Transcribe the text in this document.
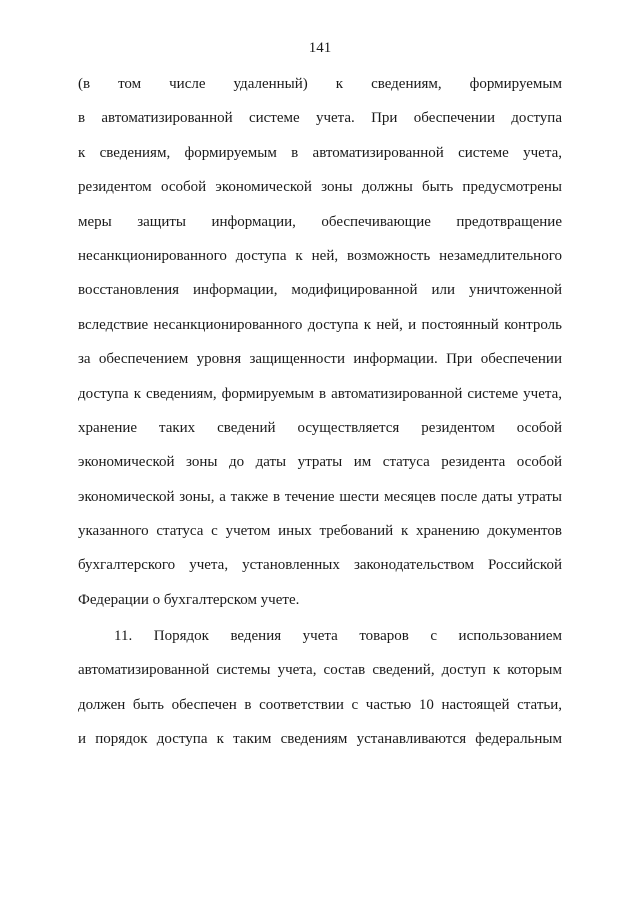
141
(в том числе удаленный) к сведениям, формируемым
в автоматизированной системе учета. При обеспечении доступа
к сведениям, формируемым в автоматизированной системе учета,
резидентом особой экономической зоны должны быть предусмотрены
меры защиты информации, обеспечивающие предотвращение
несанкционированного доступа к ней, возможность незамедлительного
восстановления информации, модифицированной или уничтоженной
вследствие несанкционированного доступа к ней, и постоянный контроль
за обеспечением уровня защищенности информации. При обеспечении
доступа к сведениям, формируемым в автоматизированной системе учета,
хранение таких сведений осуществляется резидентом особой
экономической зоны до даты утраты им статуса резидента особой
экономической зоны, а также в течение шести месяцев после даты утраты
указанного статуса с учетом иных требований к хранению документов
бухгалтерского учета, установленных законодательством Российской
Федерации о бухгалтерском учете.
11. Порядок ведения учета товаров с использованием
автоматизированной системы учета, состав сведений, доступ к которым
должен быть обеспечен в соответствии с частью 10 настоящей статьи,
и порядок доступа к таким сведениям устанавливаются федеральным
